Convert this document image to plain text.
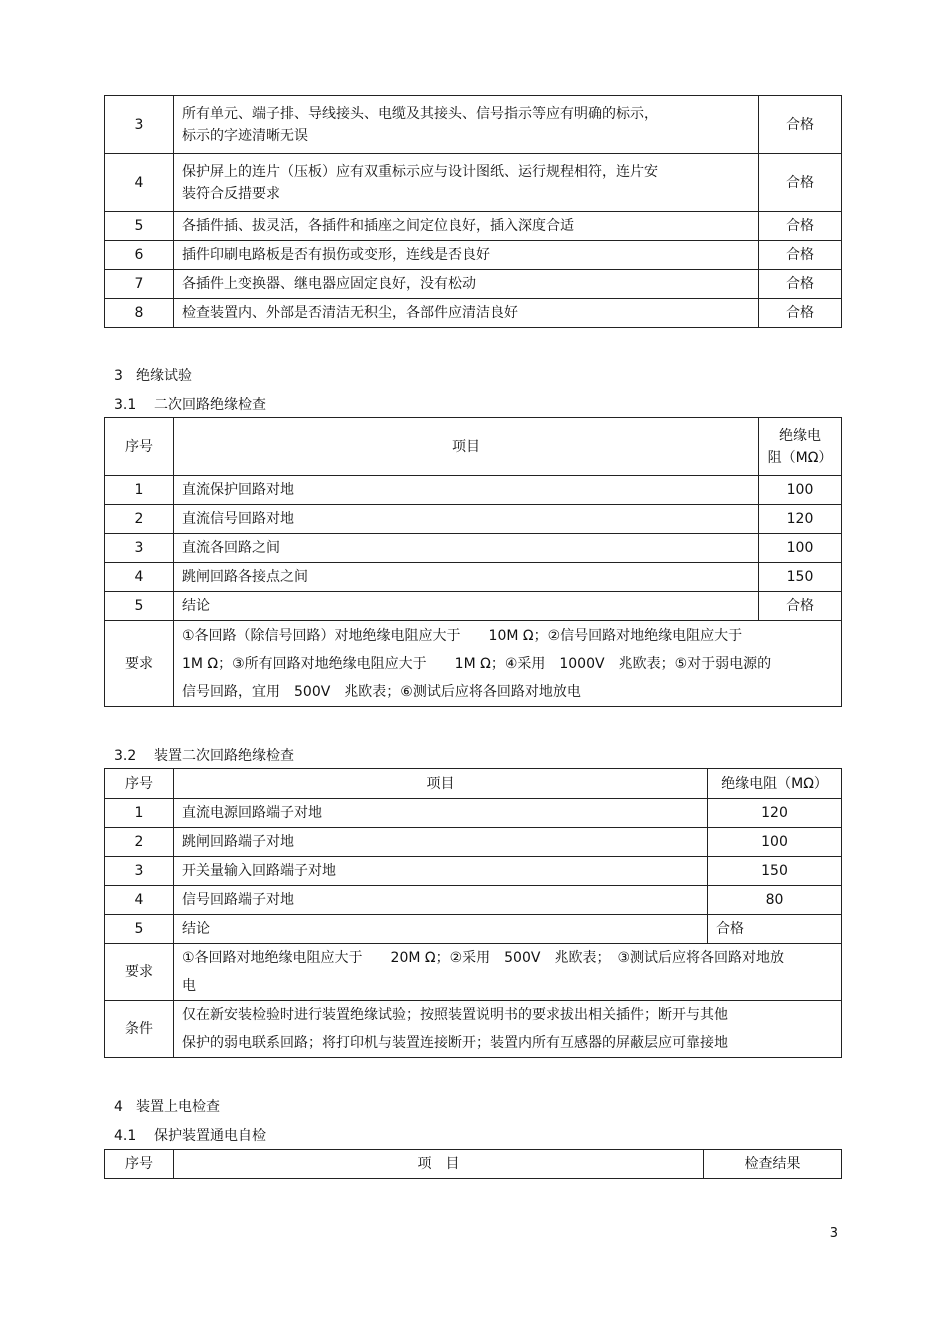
3	所有单元、端子排、导线接头、电缆及其接头、信号指示等应有明确的标示，
标示的字迹清晰无误	合格
4	保护屏上的连片（压板）应有双重标示应与设计图纸、运行规程相符，连片安
装符合反措要求	合格
5	各插件插、拔灵活，各插件和插座之间定位良好，插入深度合适	合格
6	插件印刷电路板是否有损伤或变形，连线是否良好	合格
7	各插件上变换器、继电器应固定良好，没有松动	合格
8	检查装置内、外部是否清洁无积尘，各部件应清洁良好	合格
3 绝缘试验
3.1 二次回路绝缘检查
序号	项目	绝缘电
阻（MΩ）
1	直流保护回路对地	100
2	直流信号回路对地	120
3	直流各回路之间	100
4	跳闸回路各接点之间	150
5	结论	合格
要求	①各回路（除信号回路）对地绝缘电阻应大于　　10M Ω；②信号回路对地绝缘电阻应大于
1M Ω；③所有回路对地绝缘电阻应大于　　1M Ω；④采用　1000V　兆欧表；⑤对于弱电源的
信号回路，宜用　500V　兆欧表；⑥测试后应将各回路对地放电	
3.2 装置二次回路绝缘检查
序号	项目	绝缘电阻（MΩ）
1	直流电源回路端子对地	120
2	跳闸回路端子对地	100
3	开关量输入回路端子对地	150
4	信号回路端子对地	80
5	结论	合格
要求	①各回路对地绝缘电阻应大于　　20M Ω；②采用　500V　兆欧表；　③测试后应将各回路对地放
电	
条件	仅在新安装检验时进行装置绝缘试验；按照装置说明书的要求拔出相关插件；断开与其他
保护的弱电联系回路；将打印机与装置连接断开；装置内所有互感器的屏蔽层应可靠接地	
4 装置上电检查
4.1 保护装置通电自检
序号	项　目	检查结果
3
